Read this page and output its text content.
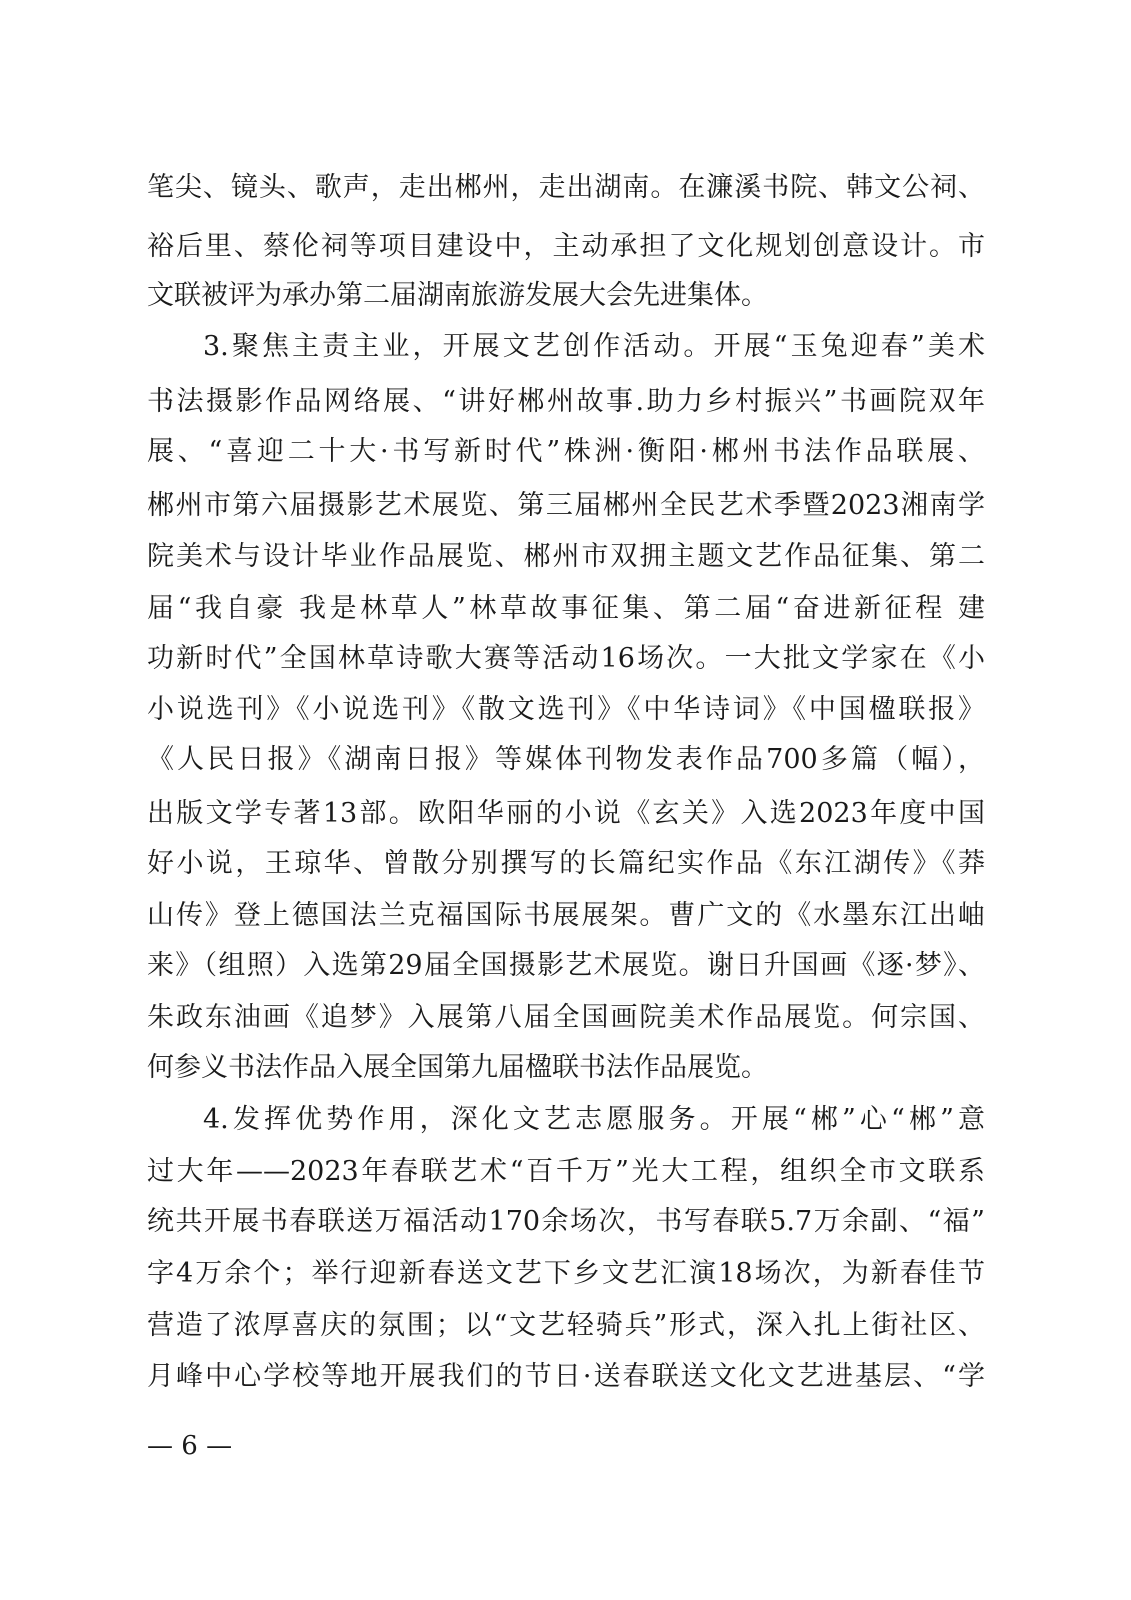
笔尖、镜头、歌声，走出郴州，走出湖南。在濂溪书院、韩文公祠、
裕后里、蔡伦祠等项目建设中，主动承担了文化规划创意设计。市
文联被评为承办第二届湖南旅游发展大会先进集体。
3.聚焦主责主业，开展文艺创作活动。开展“玉兔迎春”美术
书法摄影作品网络展、“讲好郴州故事.助力乡村振兴”书画院双年
展、“喜迎二十大·书写新时代”株洲·衡阳·郴州书法作品联展、
郴州市第六届摄影艺术展览、第三届郴州全民艺术季暨2023湘南学
院美术与设计毕业作品展览、郴州市双拥主题文艺作品征集、第二
届“我自豪 我是林草人”林草故事征集、第二届“奋进新征程 建
功新时代”全国林草诗歌大赛等活动16场次。一大批文学家在《小
小说选刊》《小说选刊》《散文选刊》《中华诗词》《中国楹联报》
《人民日报》《湖南日报》等媒体刊物发表作品700多篇（幅），
出版文学专著13部。欧阳华丽的小说《玄关》入选2023年度中国
好小说，王琼华、曾散分别撰写的长篇纪实作品《东江湖传》《莽
山传》登上德国法兰克福国际书展展架。曹广文的《水墨东江出岫
来》（组照）入选第29届全国摄影艺术展览。谢日升国画《逐·梦》、
朱政东油画《追梦》入展第八届全国画院美术作品展览。何宗国、
何参义书法作品入展全国第九届楹联书法作品展览。
4.发挥优势作用，深化文艺志愿服务。开展“郴”心“郴”意
过大年——2023年春联艺术“百千万”光大工程，组织全市文联系
统共开展书春联送万福活动170余场次，书写春联5.7万余副、“福”
字4万余个；举行迎新春送文艺下乡文艺汇演18场次，为新春佳节
营造了浓厚喜庆的氛围；以“文艺轻骑兵”形式，深入扎上街社区、
月峰中心学校等地开展我们的节日·送春联送文化文艺进基层、“学
— 6 —
